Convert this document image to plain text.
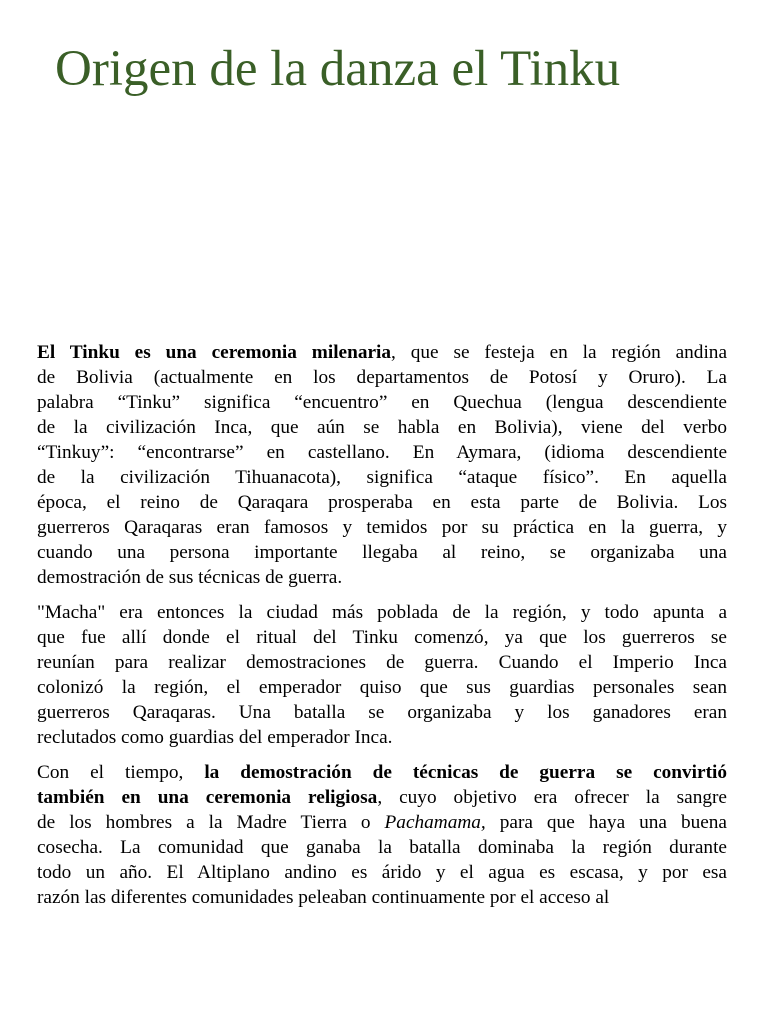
Origen de la danza el Tinku

El Tinku es una ceremonia milenaria, que se festeja en la región andina
de Bolivia (actualmente en los departamentos de Potosí y Oruro). La
palabra “Tinku” significa “encuentro” en Quechua (lengua descendiente
de la civilización Inca, que aún se habla en Bolivia), viene del verbo
“Tinkuy”: “encontrarse” en castellano. En Aymara, (idioma descendiente
de la civilización Tihuanacota), significa “ataque físico”. En aquella
época, el reino de Qaraqara prosperaba en esta parte de Bolivia. Los
guerreros Qaraqaras eran famosos y temidos por su práctica en la guerra, y
cuando una persona importante llegaba al reino, se organizaba una
demostración de sus técnicas de guerra.

"Macha" era entonces la ciudad más poblada de la región, y todo apunta a
que fue allí donde el ritual del Tinku comenzó, ya que los guerreros se
reunían para realizar demostraciones de guerra. Cuando el Imperio Inca
colonizó la región, el emperador quiso que sus guardias personales sean
guerreros Qaraqaras. Una batalla se organizaba y los ganadores eran
reclutados como guardias del emperador Inca.

Con el tiempo, la demostración de técnicas de guerra se convirtió
también en una ceremonia religiosa, cuyo objetivo era ofrecer la sangre
de los hombres a la Madre Tierra o Pachamama, para que haya una buena
cosecha. La comunidad que ganaba la batalla dominaba la región durante
todo un año. El Altiplano andino es árido y el agua es escasa, y por esa
razón las diferentes comunidades peleaban continuamente por el acceso al
